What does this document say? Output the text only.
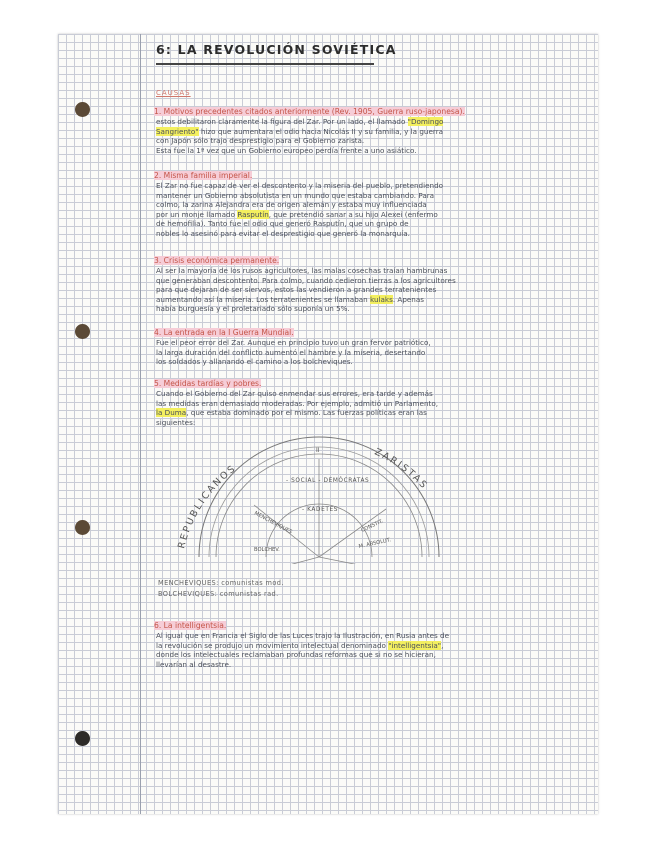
6: LA REVOLUCIÓN SOVIÉTICA
CAUSAS
1. Motivos precedentes citados anteriormente (Rev. 1905, Guerra ruso-japonesa).
estos debilitaron claramente la figura del Zar. Por un lado, el llamado "Domingo
Sangriento" hizo que aumentara el odio hacia Nicolás II y su familia, y la guerra
con Japón sólo trajo desprestigio para el Gobierno zarista.
Esta fue la 1ª vez que un Gobierno europeo perdía frente a uno asiático.
2. Misma familia imperial.
El Zar no fue capaz de ver el descontento y la miseria del pueblo, pretendiendo
mantener un Gobierno absolutista en un mundo que estaba cambiando. Para
colmo, la zarina Alejandra era de origen alemán y estaba muy influenciada
por un monje llamado Rasputín, que pretendió sanar a su hijo Alexei (enfermo
de hemofilia). Tanto fue el odio que generó Rasputín, que un grupo de
nobles lo asesinó para evitar el desprestigio que generó la monarquía.
3. Crisis económica permanente.
Al ser la mayoría de los rusos agricultores, las malas cosechas traían hambrunas
que generaban descontento. Para colmo, cuando cedieron tierras a los agricultores
para que dejaran de ser siervos, estos las vendieron a grandes terratenientes
aumentando así la miseria. Los terratenientes se llamaban kulaks. Apenas
había burguesía y el proletariado sólo suponía un 5%.
4. La entrada en la I Guerra Mundial.
Fue el peor error del Zar. Aunque en principio tuvo un gran fervor patriótico,
la larga duración del conflicto aumentó el hambre y la miseria, desertando
los soldados y allanando el camino a los bolcheviques.
5. Medidas tardías y pobres.
Cuando el Gobierno del Zar quiso enmendar sus errores, era tarde y además
las medidas eran demasiado moderadas. Por ejemplo, admitió un Parlamento,
la Duma, que estaba dominado por el mismo. Las fuerzas políticas eran las
siguientes:
REPUBLICANOS
ZARISTAS
II
- SOCIAL - DEMÓCRATAS
- KADETES
MENCHEVIQUES	CONSTIT.
BOLCHEV.
M. ABSOLUT.
MENCHEVIQUES: comunistas mod.
BOLCHEVIQUES: comunistas rad.
6. La intelligentsia.
Al igual que en Francia el Siglo de las Luces trajo la Ilustración, en Rusia antes de
la revolución se produjo un movimiento intelectual denominado "intelligentsia",
donde los intelectuales reclamaban profundas reformas que si no se hicieran,
llevarían al desastre.
